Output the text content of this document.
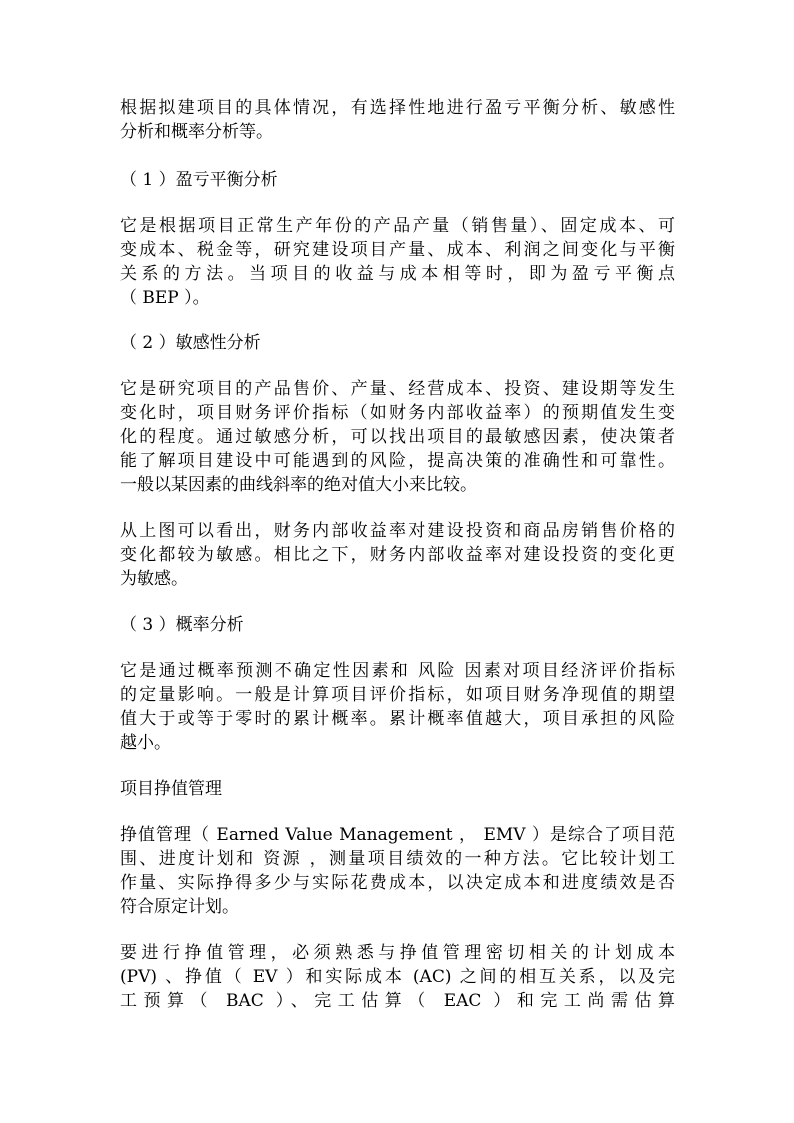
根据拟建项目的具体情况，有选择性地进行盈亏平衡分析、敏感性
分析和概率分析等。
（ 1 ）盈亏平衡分析
它是根据项目正常生产年份的产品产量（销售量）、固定成本、可
变成本、税金等，研究建设项目产量、成本、利润之间变化与平衡
关系的方法。当项目的收益与成本相等时，即为盈亏平衡点
（ BEP ）。
（ 2 ）敏感性分析
它是研究项目的产品售价、产量、经营成本、投资、建设期等发生
变化时，项目财务评价指标（如财务内部收益率）的预期值发生变
化的程度。通过敏感分析，可以找出项目的最敏感因素，使决策者
能了解项目建设中可能遇到的风险，提高决策的准确性和可靠性。
一般以某因素的曲线斜率的绝对值大小来比较。
从上图可以看出，财务内部收益率对建设投资和商品房销售价格的
变化都较为敏感。相比之下，财务内部收益率对建设投资的变化更
为敏感。
（ 3 ）概率分析
它是通过概率预测不确定性因素和 风险 因素对项目经济评价指标
的定量影响。一般是计算项目评价指标，如项目财务净现值的期望
值大于或等于零时的累计概率。累计概率值越大，项目承担的风险
越小。
项目挣值管理
挣值管理（ Earned Value Management ， EMV ）是综合了项目范
围、进度计划和 资源 ，测量项目绩效的一种方法。它比较计划工
作量、实际挣得多少与实际花费成本，以决定成本和进度绩效是否
符合原定计划。
要进行挣值管理，必须熟悉与挣值管理密切相关的计划成本
(PV) 、挣值（ EV ）和实际成本 (AC) 之间的相互关系，以及完
工预算（ BAC ）、完工估算（ EAC ）和完工尚需估算
